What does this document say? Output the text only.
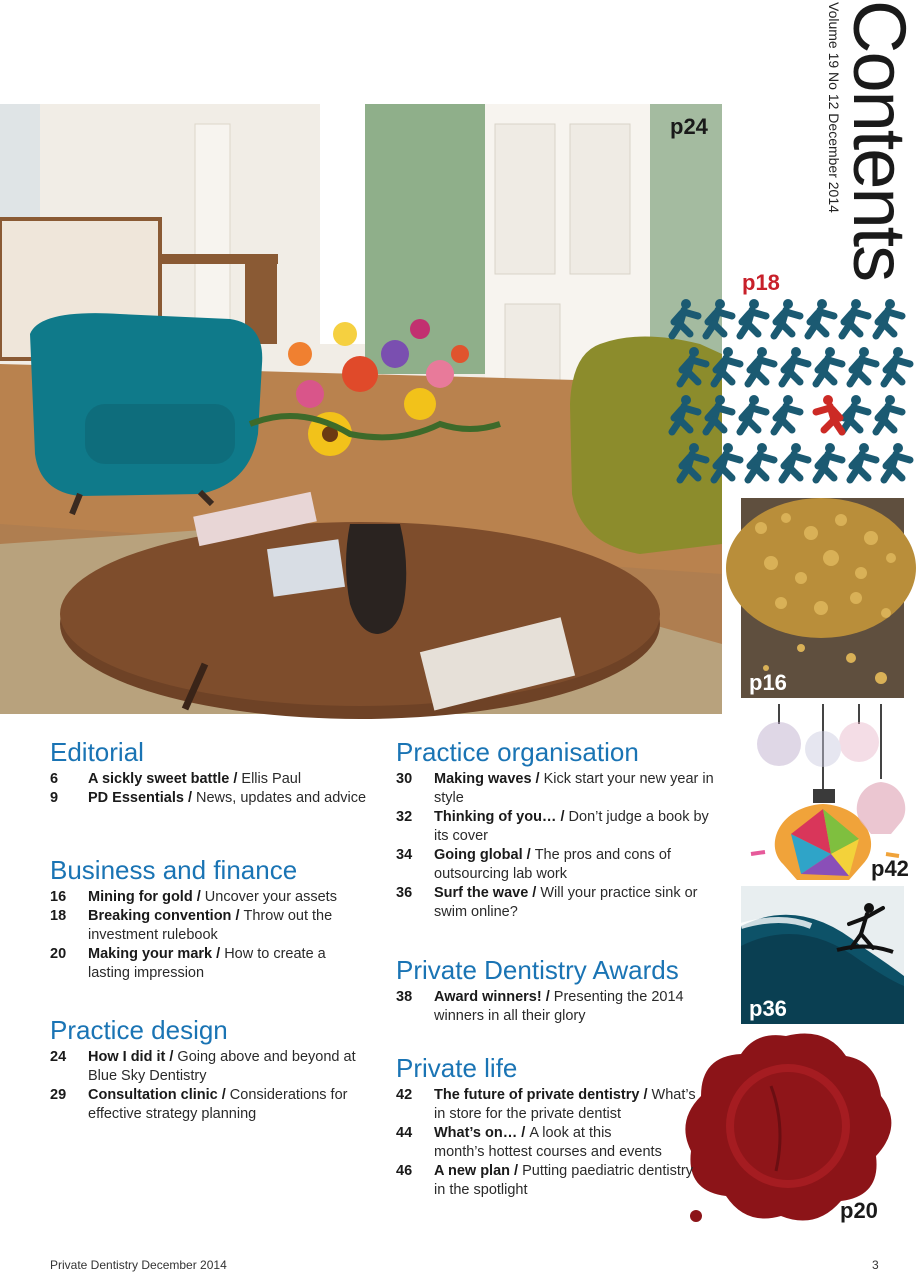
Contents
Volume 19 No 12 December 2014
p24
p18
p16
p42
p36
p20
Editorial
6 A sickly sweet battle / Ellis Paul
9 PD Essentials / News, updates and advice
Business and finance
16 Mining for gold / Uncover your assets
18 Breaking convention / Throw out the investment rulebook
20 Making your mark / How to create a lasting impression
Practice design
24 How I did it / Going above and beyond at Blue Sky Dentistry
29 Consultation clinic / Considerations for effective strategy planning
Practice organisation
30 Making waves / Kick start your new year in style
32 Thinking of you… / Don’t judge a book by its cover
34 Going global / The pros and cons of outsourcing lab work
36 Surf the wave / Will your practice sink or swim online?
Private Dentistry Awards
38 Award winners! / Presenting the 2014 winners in all their glory
Private life
42 The future of private dentistry / What’s in store for the private dentist
44 What’s on… / A look at this month’s hottest courses and events
46 A new plan / Putting paediatric dentistry in the spotlight
Private Dentistry December 2014	3
